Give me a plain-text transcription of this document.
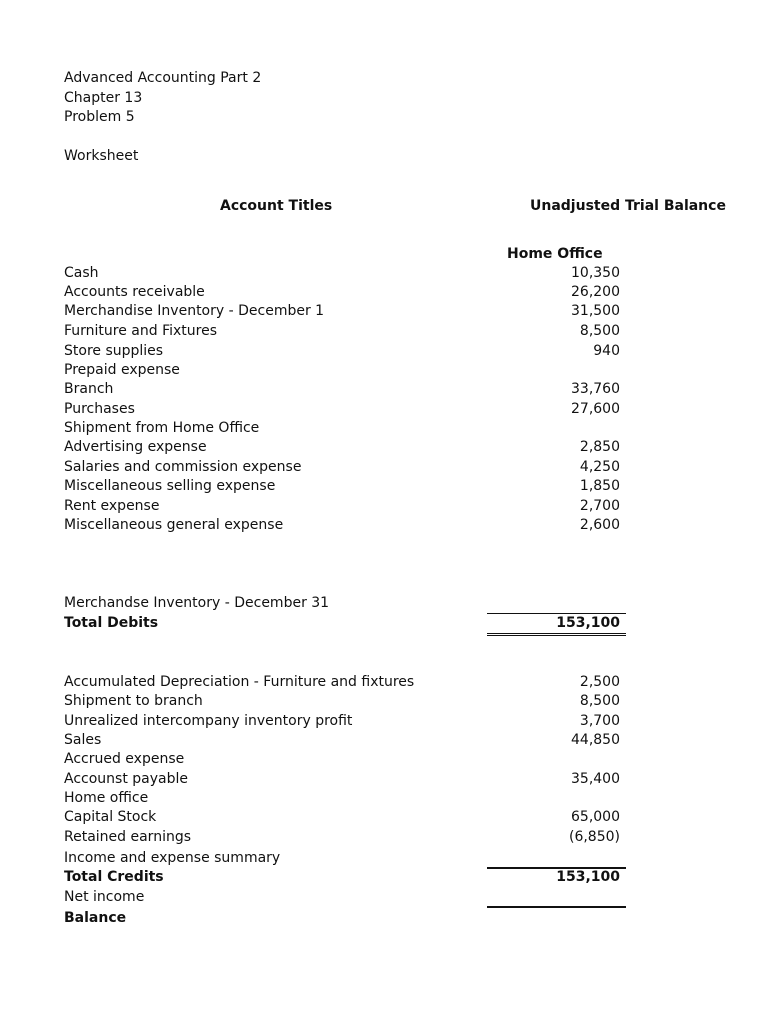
Advanced Accounting Part 2
Chapter 13
Problem 5
Worksheet
Account Titles	Unadjusted Trial Balance
Home Office
Cash	10,350
Accounts receivable	26,200
Merchandise Inventory - December 1	31,500
Furniture and Fixtures	8,500
Store supplies	940
Prepaid expense
Branch	33,760
Purchases	27,600
Shipment from Home Office
Advertising expense	2,850
Salaries and commission expense	4,250
Miscellaneous selling expense	1,850
Rent expense	2,700
Miscellaneous general expense	2,600
Merchandse Inventory - December 31
Total Debits	153,100
Accumulated Depreciation - Furniture and fixtures	2,500
Shipment to branch	8,500
Unrealized intercompany inventory profit	3,700
Sales	44,850
Accrued expense
Accounst payable	35,400
Home office
Capital Stock	65,000
Retained earnings	(6,850)
Income and expense summary
Total Credits	153,100
Net income
Balance
